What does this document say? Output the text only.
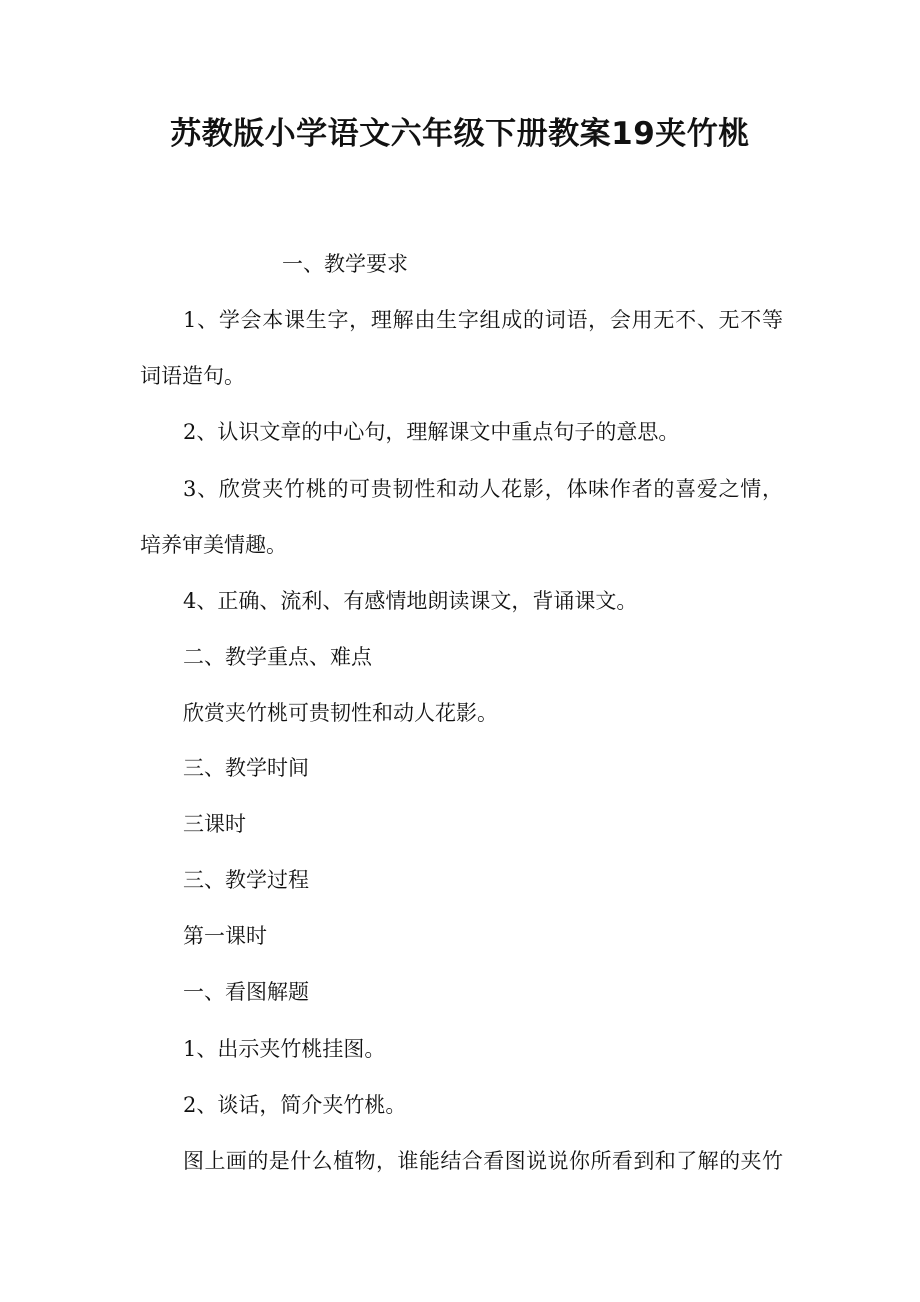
苏教版小学语文六年级下册教案19夹竹桃

一、教学要求

1、学会本课生字，理解由生字组成的词语，会用无不、无不等

词语造句。

2、认识文章的中心句，理解课文中重点句子的意思。

3、欣赏夹竹桃的可贵韧性和动人花影，体味作者的喜爱之情，

培养审美情趣。

4、正确、流利、有感情地朗读课文，背诵课文。

二、教学重点、难点

欣赏夹竹桃可贵韧性和动人花影。

三、教学时间

三课时

三、教学过程

第一课时

一、看图解题

1、出示夹竹桃挂图。

2、谈话，简介夹竹桃。

图上画的是什么植物，谁能结合看图说说你所看到和了解的夹竹
